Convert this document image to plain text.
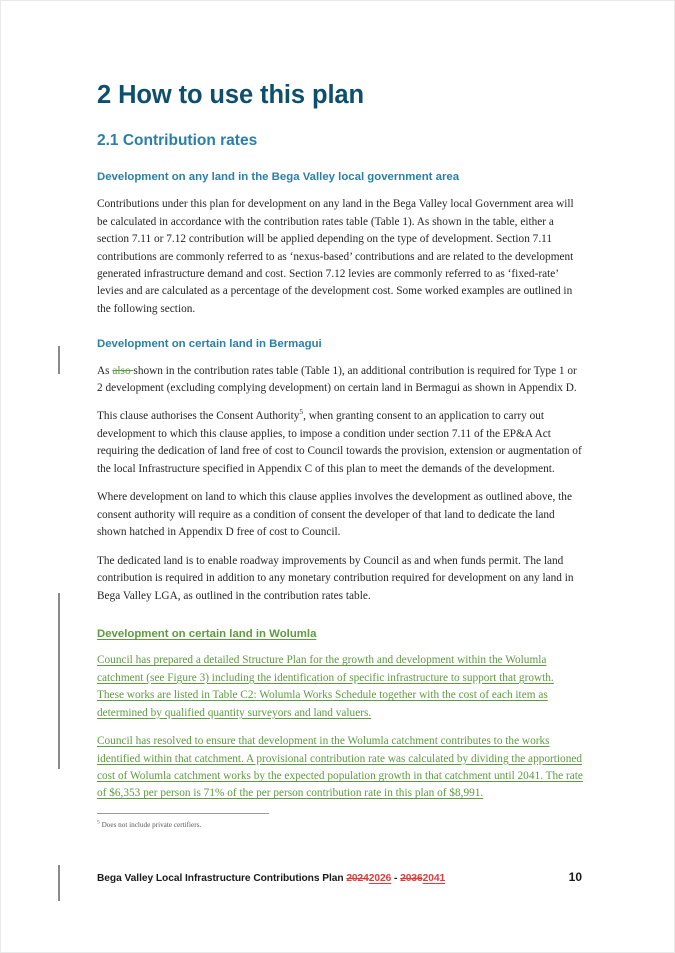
2 How to use this plan
2.1 Contribution rates
Development on any land in the Bega Valley local government area

Contributions under this plan for development on any land in the Bega Valley local Government area will be calculated in accordance with the contribution rates table (Table 1). As shown in the table, either a section 7.11 or 7.12 contribution will be applied depending on the type of development. Section 7.11 contributions are commonly referred to as ‘nexus-based’ contributions and are related to the development generated infrastructure demand and cost. Section 7.12 levies are commonly referred to as ‘fixed-rate’ levies and are calculated as a percentage of the development cost. Some worked examples are outlined in the following section.

Development on certain land in Bermagui

As also shown in the contribution rates table (Table 1), an additional contribution is required for Type 1 or 2 development (excluding complying development) on certain land in Bermagui as shown in Appendix D.

This clause authorises the Consent Authority$^5$, when granting consent to an application to carry out development to which this clause applies, to impose a condition under section 7.11 of the EP&A Act requiring the dedication of land free of cost to Council towards the provision, extension or augmentation of the local Infrastructure specified in Appendix C of this plan to meet the demands of the development.

Where development on land to which this clause applies involves the development as outlined above, the consent authority will require as a condition of consent the developer of that land to dedicate the land shown hatched in Appendix D free of cost to Council.

The dedicated land is to enable roadway improvements by Council as and when funds permit. The land contribution is required in addition to any monetary contribution required for development on any land in Bega Valley LGA, as outlined in the contribution rates table.

Development on certain land in Wolumla

Council has prepared a detailed Structure Plan for the growth and development within the Wolumla catchment (see Figure 3) including the identification of specific infrastructure to support that growth. These works are listed in Table C2: Wolumla Works Schedule together with the cost of each item as determined by qualified quantity surveyors and land valuers.

Council has resolved to ensure that development in the Wolumla catchment contributes to the works identified within that catchment. A provisional contribution rate was calculated by dividing the apportioned cost of Wolumla catchment works by the expected population growth in that catchment until 2041. The rate of $6,353 per person is 71% of the per person contribution rate in this plan of $8,991.

$^5$ Does not include private certifiers.
Bega Valley Local Infrastructure Contributions Plan 20242026 - 20362041	10
